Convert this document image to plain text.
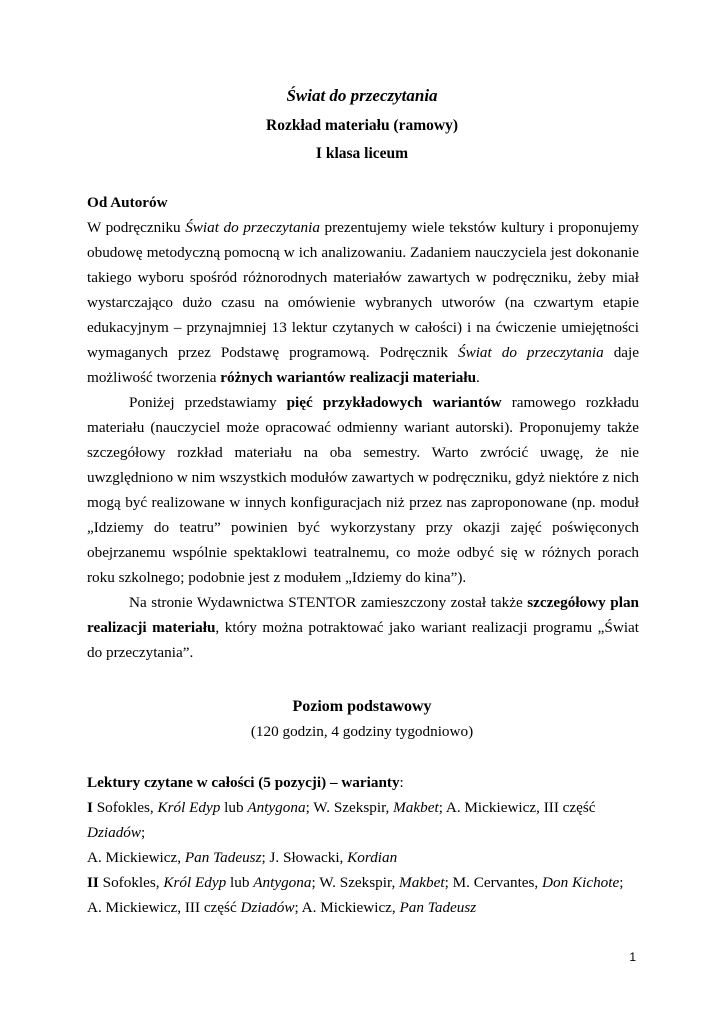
Świat do przeczytania
Rozkład materiału (ramowy)
I klasa liceum

Od Autorów

W podręczniku Świat do przeczytania prezentujemy wiele tekstów kultury i proponujemy obudowę metodyczną pomocną w ich analizowaniu. Zadaniem nauczyciela jest dokonanie takiego wyboru spośród różnorodnych materiałów zawartych w podręczniku, żeby miał wystarczająco dużo czasu na omówienie wybranych utworów (na czwartym etapie edukacyjnym – przynajmniej 13 lektur czytanych w całości) i na ćwiczenie umiejętności wymaganych przez Podstawę programową. Podręcznik Świat do przeczytania daje możliwość tworzenia różnych wariantów realizacji materiału.

Poniżej przedstawiamy pięć przykładowych wariantów ramowego rozkładu materiału (nauczyciel może opracować odmienny wariant autorski). Proponujemy także szczegółowy rozkład materiału na oba semestry. Warto zwrócić uwagę, że nie uwzględniono w nim wszystkich modułów zawartych w podręczniku, gdyż niektóre z nich mogą być realizowane w innych konfiguracjach niż przez nas zaproponowane (np. moduł „Idziemy do teatru” powinien być wykorzystany przy okazji zajęć poświęconych obejrzanemu wspólnie spektaklowi teatralnemu, co może odbyć się w różnych porach roku szkolnego; podobnie jest z modułem „Idziemy do kina”).

Na stronie Wydawnictwa STENTOR zamieszczony został także szczegółowy plan realizacji materiału, który można potraktować jako wariant realizacji programu „Świat do przeczytania”.

Poziom podstawowy
(120 godzin, 4 godziny tygodniowo)

Lektury czytane w całości (5 pozycji) – warianty:

I Sofokles, Król Edyp lub Antygona; W. Szekspir, Makbet; A. Mickiewicz, III część Dziadów;
A. Mickiewicz, Pan Tadeusz; J. Słowacki, Kordian

II Sofokles, Król Edyp lub Antygona; W. Szekspir, Makbet; M. Cervantes, Don Kichote;
A. Mickiewicz, III część Dziadów; A. Mickiewicz, Pan Tadeusz

1
